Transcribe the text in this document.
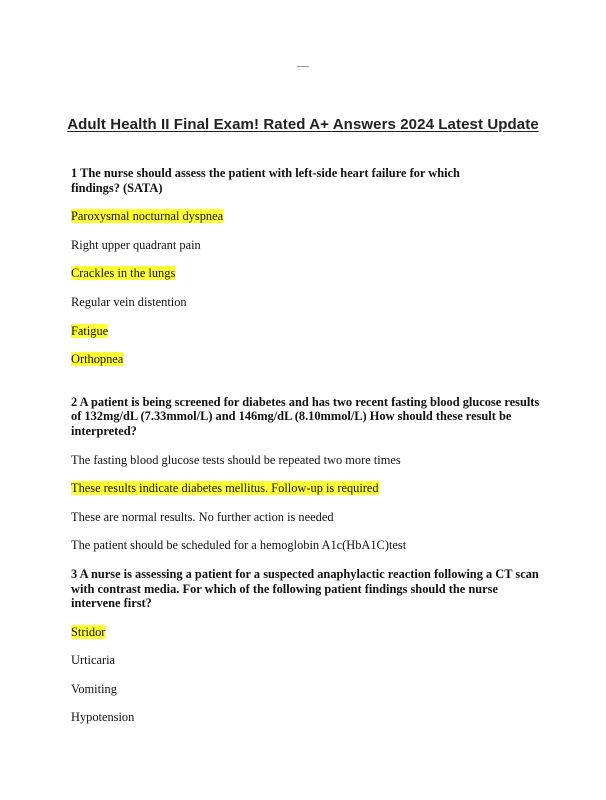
Adult Health II Final Exam! Rated A+ Answers 2024 Latest Update

1 The nurse should assess the patient with left-side heart failure for which findings? (SATA)

Paroxysmal nocturnal dyspnea

Right upper quadrant pain

Crackles in the lungs

Regular vein distention

Fatigue

Orthopnea

2 A patient is being screened for diabetes and has two recent fasting blood glucose results of 132mg/dL (7.33mmol/L) and 146mg/dL (8.10mmol/L) How should these result be interpreted?

The fasting blood glucose tests should be repeated two more times

These results indicate diabetes mellitus. Follow-up is required

These are normal results. No further action is needed

The patient should be scheduled for a hemoglobin A1c(HbA1C)test

3 A nurse is assessing a patient for a suspected anaphylactic reaction following a CT scan with contrast media. For which of the following patient findings should the nurse intervene first?

Stridor

Urticaria

Vomiting

Hypotension
